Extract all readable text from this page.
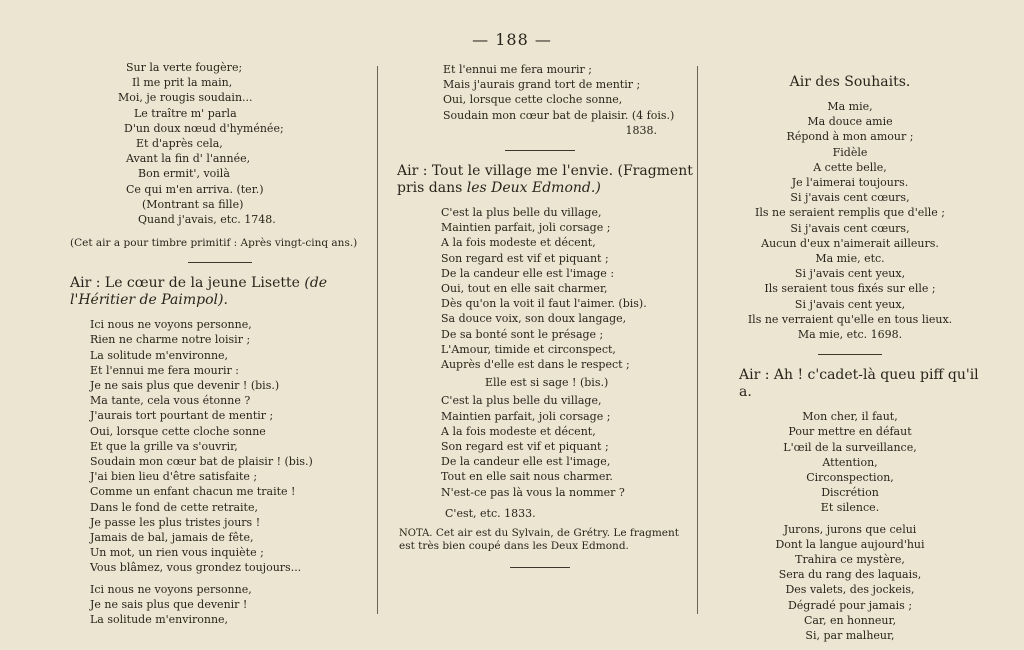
— 188 —
Sur la verte fougère;
Il me prit la main,
Moi, je rougis soudain...
Le traître m' parla
D'un doux nœud d'hyménée;
Et d'après cela,
Avant la fin d' l'année,
Bon ermit', voilà
Ce qui m'en arriva. (ter.)
(Montrant sa fille)
Quand j'avais, etc. 1748.
(Cet air a pour timbre primitif : Après vingt-cinq ans.)
Air : Le cœur de la jeune Lisette (de l'Héritier de Paimpol).
Ici nous ne voyons personne,
Rien ne charme notre loisir ;
La solitude m'environne,
Et l'ennui me fera mourir :
Je ne sais plus que devenir ! (bis.)
Ma tante, cela vous étonne ?
J'aurais tort pourtant de mentir ;
Oui, lorsque cette cloche sonne
Et que la grille va s'ouvrir,
Soudain mon cœur bat de plaisir ! (bis.)
J'ai bien lieu d'être satisfaite ;
Comme un enfant chacun me traite !
Dans le fond de cette retraite,
Je passe les plus tristes jours !
Jamais de bal, jamais de fête,
Un mot, un rien vous inquiète ;
Vous blâmez, vous grondez toujours...
Ici nous ne voyons personne,
Je ne sais plus que devenir !
La solitude m'environne,
Et l'ennui me fera mourir ;
Mais j'aurais grand tort de mentir ;
Oui, lorsque cette cloche sonne,
Soudain mon cœur bat de plaisir. (4 fois.)
1838.
Air : Tout le village me l'envie. (Fragment pris dans les Deux Edmond.)
C'est la plus belle du village,
Maintien parfait, joli corsage ;
A la fois modeste et décent,
Son regard est vif et piquant ;
De la candeur elle est l'image :
Oui, tout en elle sait charmer,
Dès qu'on la voit il faut l'aimer. (bis).
Sa douce voix, son doux langage,
De sa bonté sont le présage ;
L'Amour, timide et circonspect,
Auprès d'elle est dans le respect ;
Elle est si sage ! (bis.)
C'est la plus belle du village,
Maintien parfait, joli corsage ;
A la fois modeste et décent,
Son regard est vif et piquant ;
De la candeur elle est l'image,
Tout en elle sait nous charmer.
N'est-ce pas là vous la nommer ?
C'est, etc. 1833.
NOTA. Cet air est du Sylvain, de Grétry. Le fragment est très bien coupé dans les Deux Edmond.
Air des Souhaits.
Ma mie,
Ma douce amie
Répond à mon amour ;
Fidèle
A cette belle,
Je l'aimerai toujours.
Si j'avais cent cœurs,
Ils ne seraient remplis que d'elle ;
Si j'avais cent cœurs,
Aucun d'eux n'aimerait ailleurs.
Ma mie, etc.
Si j'avais cent yeux,
Ils seraient tous fixés sur elle ;
Si j'avais cent yeux,
Ils ne verraient qu'elle en tous lieux.
Ma mie, etc. 1698.
Air : Ah ! c'cadet-là queu piff qu'il a.
Mon cher, il faut,
Pour mettre en défaut
L'œil de la surveillance,
Attention,
Circonspection,
Discrétion
Et silence.
Jurons, jurons que celui
Dont la langue aujourd'hui
Trahira ce mystère,
Sera du rang des laquais,
Des valets, des jockeis,
Dégradé pour jamais ;
Car, en honneur,
Si, par malheur,
